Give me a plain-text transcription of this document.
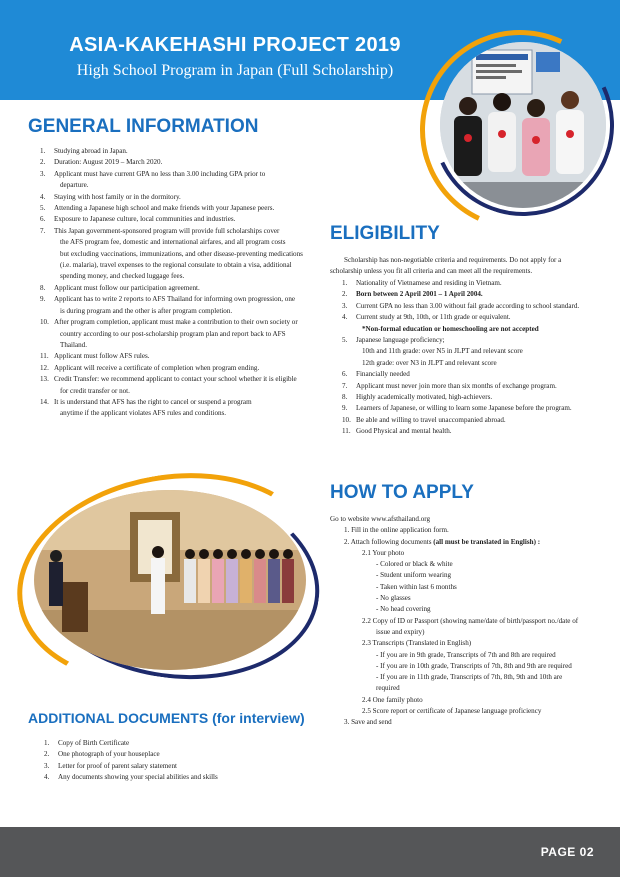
ASIA-KAKEHASHI PROJECT 2019
High School Program in Japan (Full Scholarship)
GENERAL INFORMATION
1. Studying abroad in Japan.
2. Duration: August 2019 – March 2020.
3. Applicant must have current GPA no less than 3.00 including GPA prior to
departure.
4. Staying with host family or in the dormitory.
5. Attending a Japanese high school and make friends with your Japanese peers.
6. Exposure to Japanese culture, local communities and industries.
7. This Japan government-sponsored program will provide full scholarships cover
the AFS program fee, domestic and international airfares, and all program costs
but excluding vaccinations, immunizations, and other disease-preventing medications
(i.e. malaria), travel expenses to the regional consulate to obtain a visa, additional
spending money, and checked luggage fees.
8. Applicant must follow our participation agreement.
9. Applicant has to write 2 reports to AFS Thailand for informing own progression, one
is during program and the other is after program completion.
10. After program completion, applicant must make a contribution to their own society or
country according to our post-scholarship program plan and report back to AFS
Thailand.
11. Applicant must follow AFS rules.
12. Applicant will receive a certificate of completion when program ending.
13. Credit Transfer: we recommend applicant to contact your school whether it is eligible
for credit transfer or not.
14. It is understand that AFS has the right to cancel or suspend a program
anytime if the applicant violates AFS rules and conditions.
ELIGIBILITY
Scholarship has non-negotiable criteria and requirements. Do not apply for a
scholarship unless you fit all criteria and can meet all the requirements.
1. Nationality of Vietnamese and residing in Vietnam.
2. Born between 2 April 2001 – 1 April 2004.
3. Current GPA no less than 3.00 without fail grade according to school standard.
4. Current study at 9th, 10th, or 11th grade or equivalent.
*Non-formal education or homeschooling are not accepted
5. Japanese language proficiency;
10th and 11th grade: over N5 in JLPT and relevant score
12th grade: over N3 in JLPT and relevant score
6. Financially needed
7. Applicant must never join more than six months of exchange program.
8. Highly academically motivated, high-achievers.
9. Learners of Japanese, or willing to learn some Japanese before the program.
10. Be able and willing to travel unaccompanied abroad.
11. Good Physical and mental health.
HOW TO APPLY
Go to website www.afsthailand.org
1. Fill in the online application form.
2. Attach following documents (all must be translated in English) :
2.1 Your photo
- Colored or black & white
- Student uniform wearing
- Taken within last 6 months
- No glasses
- No head covering
2.2 Copy of ID or Passport (showing name/date of birth/passport no./date of
issue and expiry)
2.3 Transcripts (Translated in English)
- If you are in 9th grade, Transcripts of 7th and 8th are required
- If you are in 10th grade, Transcripts of 7th, 8th and 9th are required
- If you are in 11th grade, Transcripts of 7th, 8th, 9th and 10th are
required
2.4 One family photo
2.5 Score report or certificate of Japanese language proficiency
3. Save and send
ADDITIONAL DOCUMENTS (for interview)
1. Copy of Birth Certificate
2. One photograph of your houseplace
3. Letter for proof of parent salary statement
4. Any documents showing your special abilities and skills
PAGE 02
